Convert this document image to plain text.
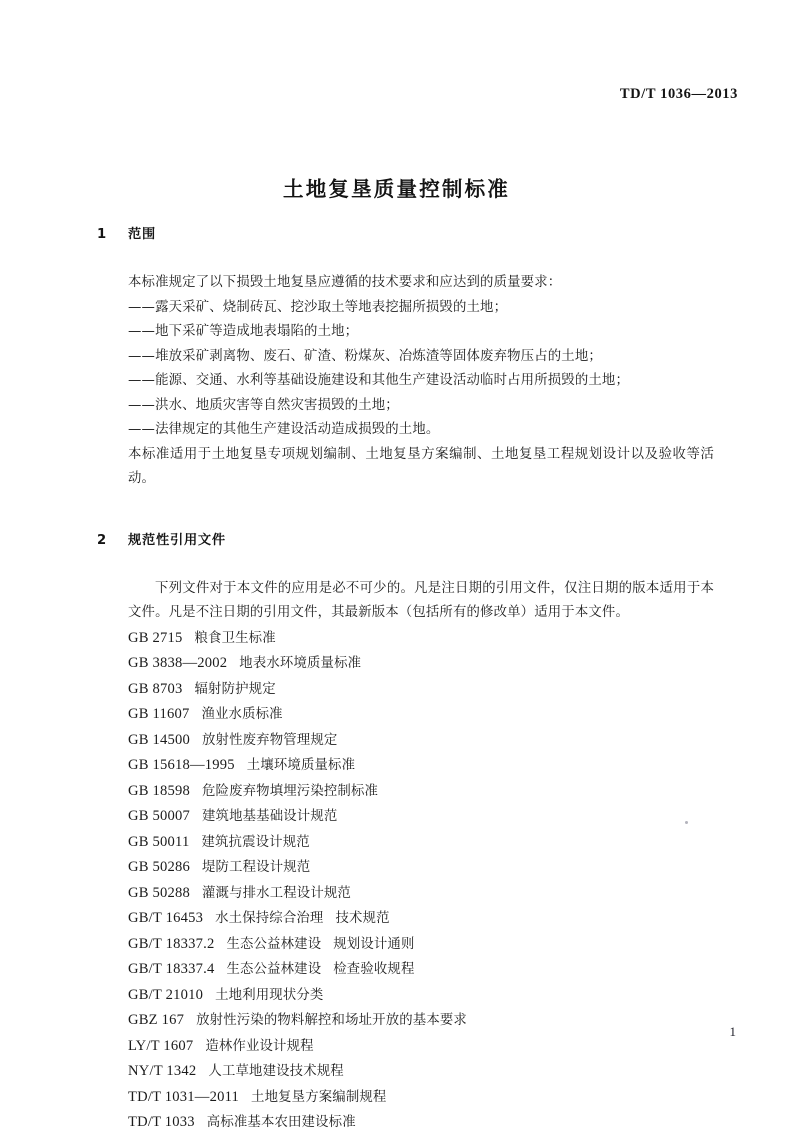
TD/T 1036—2013
土地复垦质量控制标准
1 范围

本标准规定了以下损毁土地复垦应遵循的技术要求和应达到的质量要求：

——露天采矿、烧制砖瓦、挖沙取土等地表挖掘所损毁的土地；
——地下采矿等造成地表塌陷的土地；
——堆放采矿剥离物、废石、矿渣、粉煤灰、冶炼渣等固体废弃物压占的土地；
——能源、交通、水利等基础设施建设和其他生产建设活动临时占用所损毁的土地；
——洪水、地质灾害等自然灾害损毁的土地；
——法律规定的其他生产建设活动造成损毁的土地。

本标准适用于土地复垦专项规划编制、土地复垦方案编制、土地复垦工程规划设计以及验收等活动。

2 规范性引用文件

下列文件对于本文件的应用是必不可少的。凡是注日期的引用文件，仅注日期的版本适用于本文件。凡是不注日期的引用文件，其最新版本（包括所有的修改单）适用于本文件。

GB 2715 粮食卫生标准
GB 3838—2002 地表水环境质量标准
GB 8703 辐射防护规定
GB 11607 渔业水质标准
GB 14500 放射性废弃物管理规定
GB 15618—1995 土壤环境质量标准
GB 18598 危险废弃物填埋污染控制标准
GB 50007 建筑地基基础设计规范
GB 50011 建筑抗震设计规范
GB 50286 堤防工程设计规范
GB 50288 灌溉与排水工程设计规范
GB/T 16453 水土保持综合治理 技术规范
GB/T 18337.2 生态公益林建设 规划设计通则
GB/T 18337.4 生态公益林建设 检查验收规程
GB/T 21010 土地利用现状分类
GBZ 167 放射性污染的物料解控和场址开放的基本要求
LY/T 1607 造林作业设计规程
NY/T 1342 人工草地建设技术规程
TD/T 1031—2011 土地复垦方案编制规程
TD/T 1033 高标准基本农田建设标准
1
